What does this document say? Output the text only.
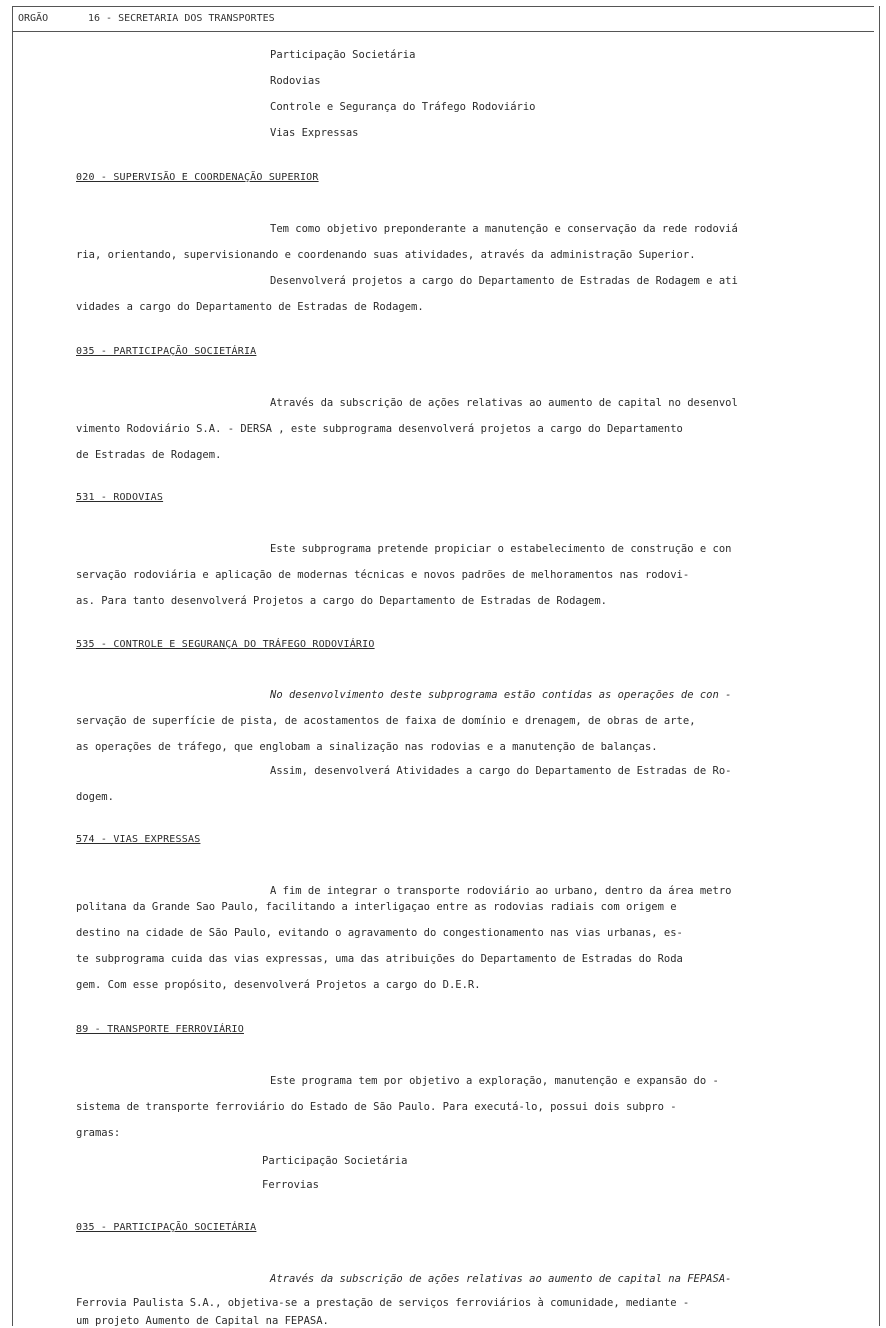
ORGÃO	16 - SECRETARIA DOS TRANSPORTES
Participação Societária
Rodovias
Controle e Segurança do Tráfego Rodoviário
Vias Expressas
020 - SUPERVISÃO E COORDENAÇÃO SUPERIOR
Tem como objetivo preponderante a manutenção e conservação da rede rodoviá
ria, orientando, supervisionando e coordenando suas atividades, através da administração Superior.
Desenvolverá projetos a cargo do Departamento de Estradas de Rodagem e ati
vidades a cargo do Departamento de Estradas de Rodagem.
035 - PARTICIPAÇÃO SOCIETÁRIA
Através da subscrição de ações relativas ao aumento de capital no desenvol
vimento Rodoviário S.A. - DERSA , este subprograma desenvolverá projetos a cargo do Departamento
de Estradas de Rodagem.
531 - RODOVIAS
Este subprograma pretende propiciar o estabelecimento de construção e con
servação rodoviária e aplicação de modernas técnicas e novos padrões de melhoramentos nas rodovi-
as. Para tanto desenvolverá Projetos a cargo do Departamento de Estradas de Rodagem.
535 - CONTROLE E SEGURANÇA DO TRÁFEGO RODOVIÁRIO
No desenvolvimento deste subprograma estão contidas as operações de con -
servação de superfície de pista, de acostamentos de faixa de domínio e drenagem, de obras de arte,
as operações de tráfego, que englobam a sinalização nas rodovias e a manutenção de balanças.
Assim, desenvolverá Atividades a cargo do Departamento de Estradas de Ro-
dogem.
574 - VIAS EXPRESSAS
A fim de integrar o transporte rodoviário ao urbano, dentro da área metro
politana da Grande Sao Paulo, facilitando a interligaçao entre as rodovias radiais com origem e
destino na cidade de São Paulo, evitando o agravamento do congestionamento nas vias urbanas, es-
te subprograma cuida das vias expressas, uma das atribuições do Departamento de Estradas do Roda
gem. Com esse propósito, desenvolverá Projetos a cargo do D.E.R.
89 - TRANSPORTE FERROVIÁRIO
Este programa tem por objetivo a exploração, manutenção e expansão do -
sistema de transporte ferroviário do Estado de São Paulo. Para executá-lo, possui dois subpro -
gramas:
Participação Societária
Ferrovias
035 - PARTICIPAÇÃO SOCIETÁRIA
Através da subscrição de ações relativas ao aumento de capital na FEPASA-
Ferrovia Paulista S.A., objetiva-se a prestação de serviços ferroviários à comunidade, mediante -
um projeto Aumento de Capital na FEPASA.
